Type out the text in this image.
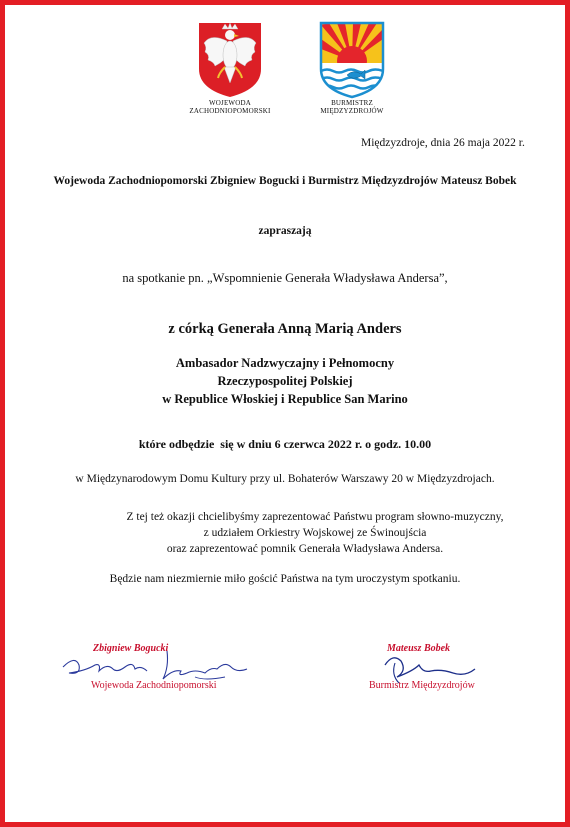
WOJEWODA
ZACHODNIOPOMORSKI
BURMISTRZ
MIĘDZYZDROJÓW
Międzyzdroje, dnia 26 maja 2022 r.
Wojewoda Zachodniopomorski Zbigniew Bogucki i Burmistrz Międzyzdrojów Mateusz Bobek
zapraszają
na spotkanie pn. „Wspomnienie Generała Władysława Andersa”,
z córką Generała Anną Marią Anders
Ambasador Nadzwyczajny i Pełnomocny
Rzeczypospolitej Polskiej
w Republice Włoskiej i Republice San Marino
które odbędzie  się w dniu 6 czerwca 2022 r. o godz. 10.00
w Międzynarodowym Domu Kultury przy ul. Bohaterów Warszawy 20 w Międzyzdrojach.
Z tej też okazji chcielibyśmy zaprezentować Państwu program słowno-muzyczny,
z udziałem Orkiestry Wojskowej ze Świnoujścia
oraz zaprezentować pomnik Generała Władysława Andersa.
Będzie nam niezmiernie miło gościć Państwa na tym uroczystym spotkaniu.
Zbigniew Bogucki
Wojewoda Zachodniopomorski
Mateusz Bobek
Burmistrz Międzyzdrojów
